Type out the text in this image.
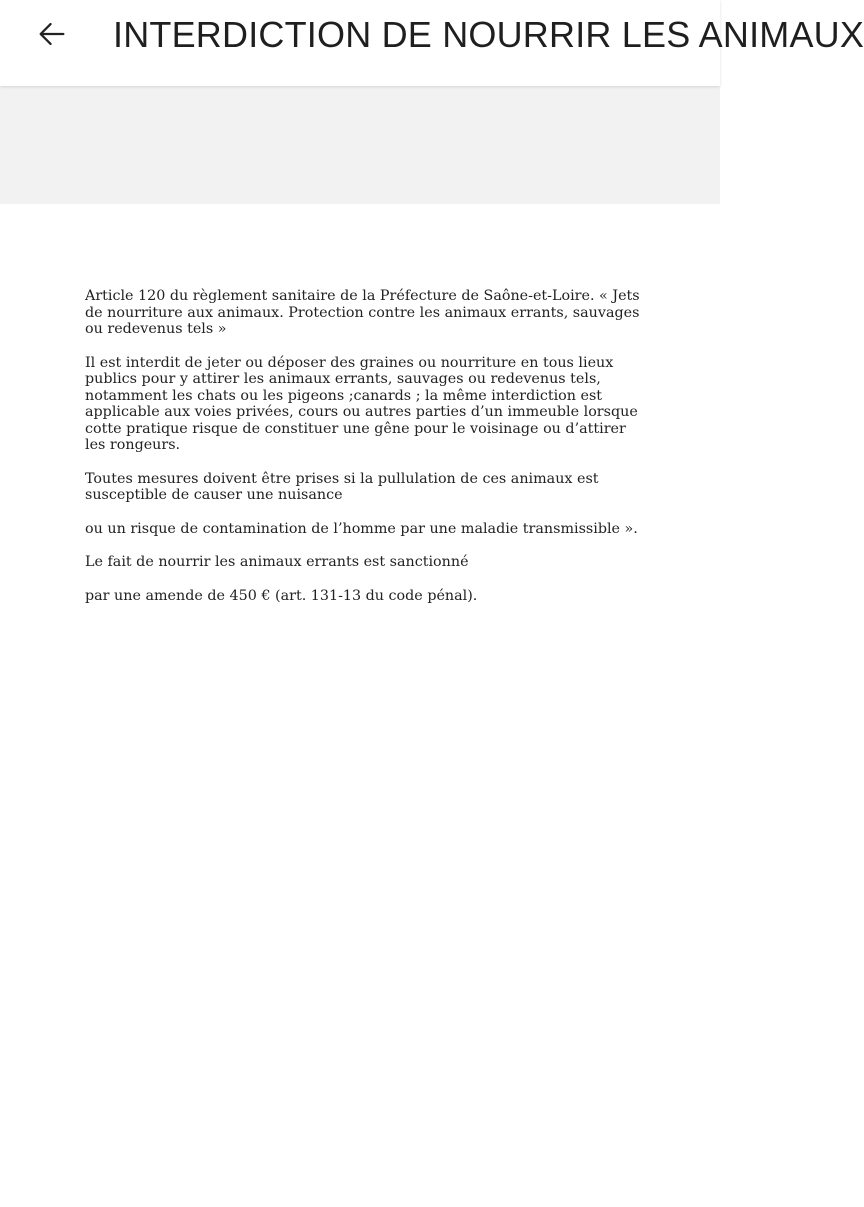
INTERDICTION DE NOURRIR LES ANIMAUX

Article 120 du règlement sanitaire de la Préfecture de Saône-et-Loire. « Jets de nourriture aux animaux. Protection contre les animaux errants, sauvages ou redevenus tels »

Il est interdit de jeter ou déposer des graines ou nourriture en tous lieux publics pour y attirer les animaux errants, sauvages ou redevenus tels, notamment les chats ou les pigeons ;canards ; la même interdiction est applicable aux voies privées, cours ou autres parties d’un immeuble lorsque cotte pratique risque de constituer une gêne pour le voisinage ou d’attirer les rongeurs.

Toutes mesures doivent être prises si la pullulation de ces animaux est susceptible de causer une nuisance

ou un risque de contamination de l’homme par une maladie transmissible ».

Le fait de nourrir les animaux errants est sanctionné

par une amende de 450 € (art. 131-13 du code pénal).
